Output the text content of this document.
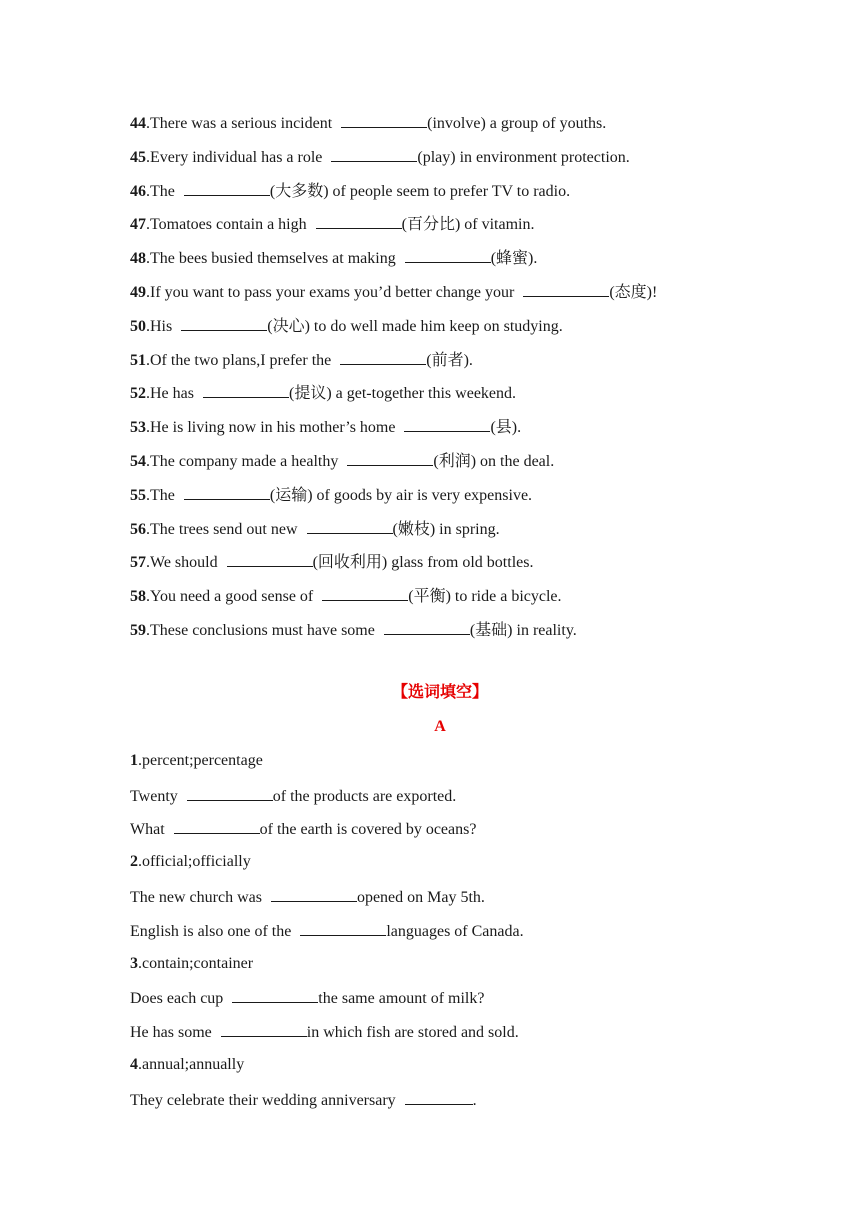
44.There was a serious incident	(involve) a group of youths.
45.Every individual has a role	(play) in environment protection.
46.The	(大多数) of people seem to prefer TV to radio.
47.Tomatoes contain a high	(百分比) of vitamin.
48.The bees busied themselves at making	(蜂蜜).
49.If you want to pass your exams you’d better change your	(态度)!
50.His	(决心) to do well made him keep on studying.
51.Of the two plans,I prefer the	(前者).
52.He has	(提议) a get-together this weekend.
53.He is living now in his mother’s home	(县).
54.The company made a healthy	(利润) on the deal.
55.The	(运输) of goods by air is very expensive.
56.The trees send out new	(嫩枝) in spring.
57.We should	(回收利用) glass from old bottles.
58.You need a good sense of	(平衡) to ride a bicycle.
59.These conclusions must have some	(基础) in reality.
【选词填空】
A
1.percent;percentage
Twenty	of the products are exported.
What	of the earth is covered by oceans?
2.official;officially
The new church was	opened on May 5th.
English is also one of the	languages of Canada.
3.contain;container
Does each cup	the same amount of milk?
He has some	in which fish are stored and sold.
4.annual;annually
They celebrate their wedding anniversary	.
